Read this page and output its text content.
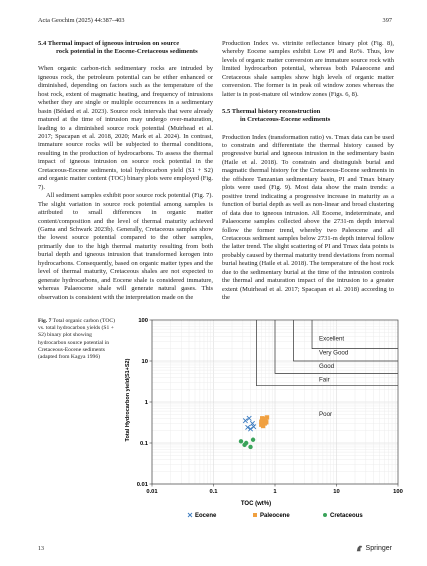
Acta Geochim (2025) 44:387–403	397
5.4 Thermal impact of igneous intrusion on source
rock potential in the Eocene-Cretaceous sediments

When organic carbon-rich sedimentary rocks are intruded by igneous rock, the petroleum potential can be either enhanced or diminished, depending on factors such as the temperature of the host rock, extent of magmatic heating, and frequency of intrusions whether they are single or multiple occurrences in a sedimentary basin (Bédard et al. 2023). Source rock intervals that were already matured at the time of intrusion may undergo over-maturation, leading to a diminished source rock potential (Muirhead et al. 2017; Spacapan et al. 2018, 2020; Mark et al. 2024). In contrast, immature source rocks will be subjected to thermal conditions, resulting in the production of hydrocarbons. To assess the thermal impact of igneous intrusion on source rock potential in the Cretaceous-Eocene sediments, total hydrocarbon yield (S1 + S2) and organic matter content (TOC) binary plots were employed (Fig. 7).

All sediment samples exhibit poor source rock potential (Fig. 7). The slight variation in source rock potential among samples is attributed to small differences in organic matter content/composition and the level of thermal maturity achieved (Gama and Schwark 2023b). Generally, Cretaceous samples show the lowest source potential compared to the other samples, primarily due to the high thermal maturity resulting from both burial depth and igneous intrusion that transformed kerogen into hydrocarbons. Consequently, based on organic matter types and the level of thermal maturity, Cretaceous shales are not expected to generate hydrocarbons, and Eocene shale is considered immature, whereas Palaeocene shale will generate natural gases. This observation is consistent with the interpretation made on the

Production Index vs. vitrinite reflectance binary plot (Fig. 8), whereby Eocene samples exhibit Low PI and Ro%. Thus, low levels of organic matter conversion are immature source rock with limited hydrocarbon potential, whereas both Palaeocene and Cretaceous shale samples show high levels of organic matter conversion. The former is in peak oil window zones whereas the latter is in post-mature oil window zones (Figs. 6, 8).

5.5 Thermal history reconstruction
in Cretaceous-Eocene sediments

Production Index (transformation ratio) vs. Tmax data can be used to constrain and differentiate the thermal history caused by progressive burial and igneous intrusion in the sedimentary basin (Haile et al. 2018). To constrain and distinguish burial and magmatic thermal history for the Cretaceous-Eocene sediments in the offshore Tanzanian sedimentary basin, PI and Tmax binary plots were used (Fig. 9). Most data show the main trends: a positive trend indicating a progressive increase in maturity as a function of burial depth as well as non-linear and broad clustering of data due to igneous intrusion. All Eocene, indeterminate, and Palaeocene samples collected above the 2731-m depth interval follow the former trend, whereby two Paleocene and all Cretaceous sediment samples below 2731-m depth interval follow the latter trend. The slight scattering of PI and Tmax data points is probably caused by thermal maturity trend deviations from normal burial heating (Haile et al. 2018). The temperature of the host rock due to the sedimentary burial at the time of the intrusion controls the thermal and maturation impact of the intrusion to a greater extent (Muirhead et al. 2017; Spacapan et al. 2018) according to the

Fig. 7 Total organic carbon (TOC) vs. total hydrocarbon yields (S1 + S2) binary plot showing hydrocarbon source potential in Cretaceous-Eocene sediments (adapted from Kagya 1996)
Excellent
Very Good
Good
Fair
Poor
0.01	0.1	1	10	100
0.01
0.1
1
10
100
TOC (wt%)
Total Hydrocarbon yield(S1+S2)
Eocene	Paleocene	Cretaceous
13	Springer
